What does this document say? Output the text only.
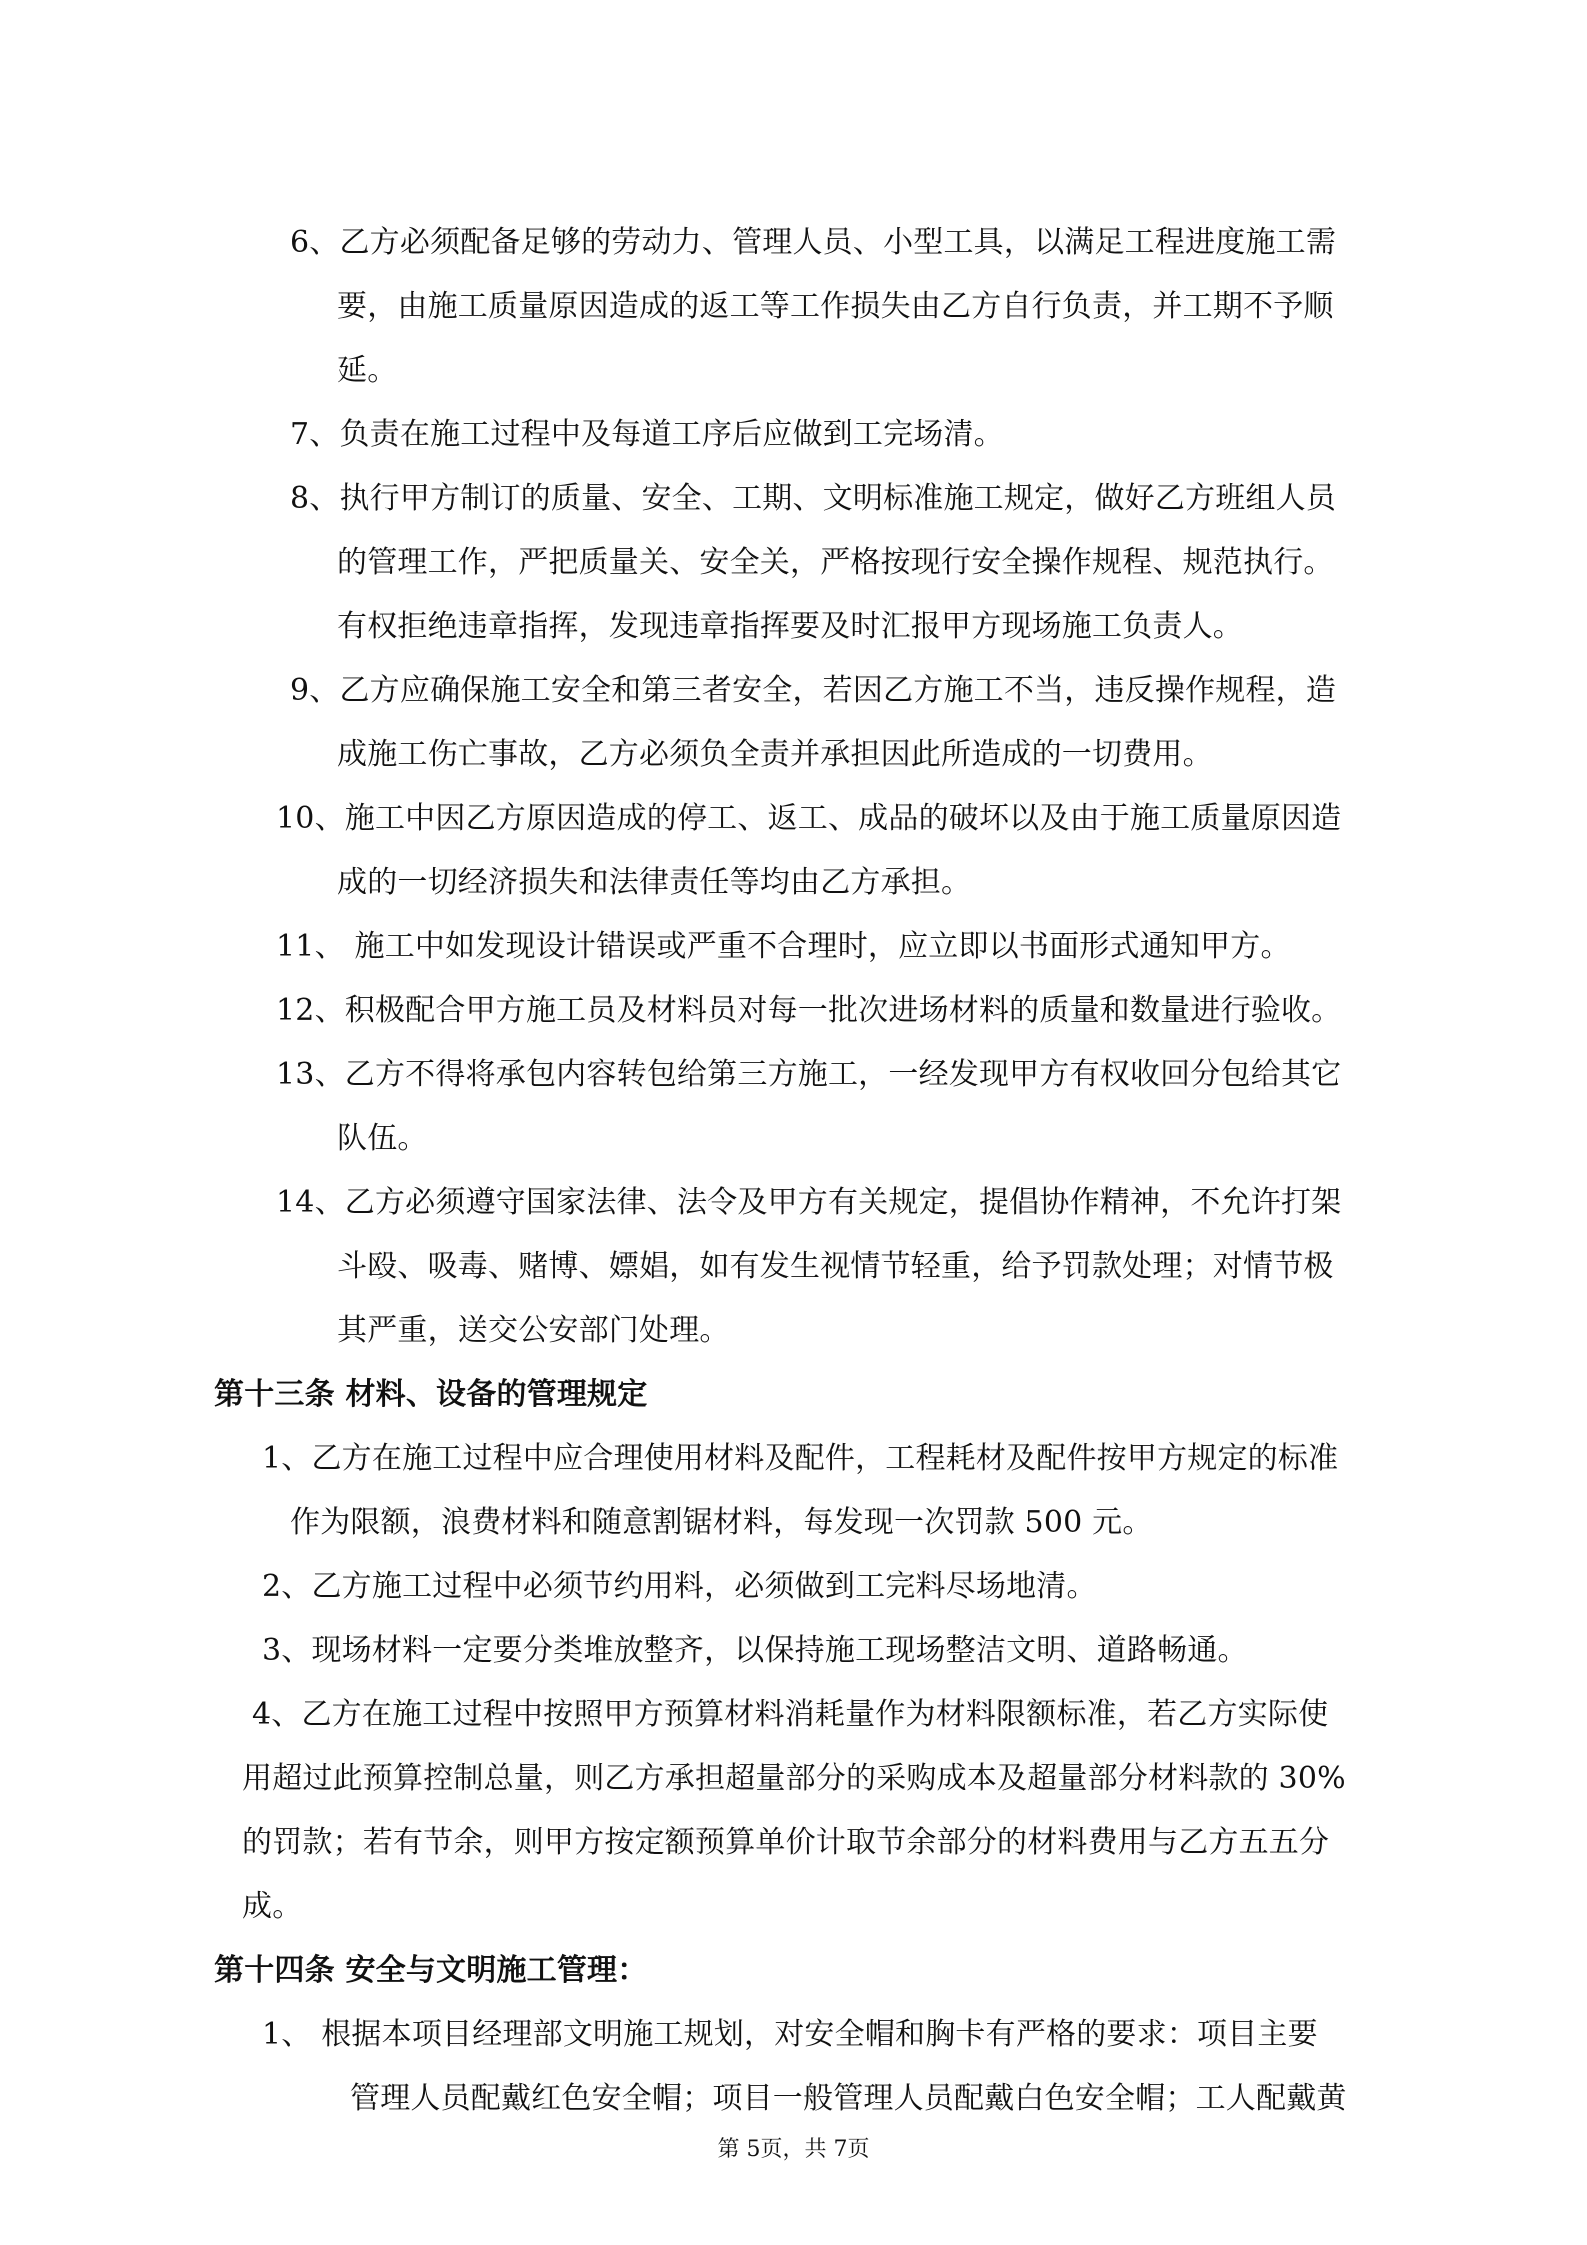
6、乙方必须配备足够的劳动力、管理人员、小型工具，以满足工程进度施工需
要，由施工质量原因造成的返工等工作损失由乙方自行负责，并工期不予顺
延。
7、负责在施工过程中及每道工序后应做到工完场清。
8、执行甲方制订的质量、安全、工期、文明标准施工规定，做好乙方班组人员
的管理工作，严把质量关、安全关，严格按现行安全操作规程、规范执行。
有权拒绝违章指挥，发现违章指挥要及时汇报甲方现场施工负责人。
9、乙方应确保施工安全和第三者安全，若因乙方施工不当，违反操作规程，造
成施工伤亡事故，乙方必须负全责并承担因此所造成的一切费用。
10、施工中因乙方原因造成的停工、返工、成品的破坏以及由于施工质量原因造
成的一切经济损失和法律责任等均由乙方承担。
11、 施工中如发现设计错误或严重不合理时，应立即以书面形式通知甲方。
12、积极配合甲方施工员及材料员对每一批次进场材料的质量和数量进行验收。
13、乙方不得将承包内容转包给第三方施工，一经发现甲方有权收回分包给其它
队伍。
14、乙方必须遵守国家法律、法令及甲方有关规定，提倡协作精神，不允许打架
斗殴、吸毒、赌博、嫖娼，如有发生视情节轻重，给予罚款处理；对情节极
其严重，送交公安部门处理。
第十三条 材料、设备的管理规定
1、乙方在施工过程中应合理使用材料及配件，工程耗材及配件按甲方规定的标准
作为限额，浪费材料和随意割锯材料，每发现一次罚款 500 元。
2、乙方施工过程中必须节约用料，必须做到工完料尽场地清。
3、现场材料一定要分类堆放整齐，以保持施工现场整洁文明、道路畅通。
4、乙方在施工过程中按照甲方预算材料消耗量作为材料限额标准，若乙方实际使
用超过此预算控制总量，则乙方承担超量部分的采购成本及超量部分材料款的 30%
的罚款；若有节余，则甲方按定额预算单价计取节余部分的材料费用与乙方五五分
成。
第十四条 安全与文明施工管理：
1、 根据本项目经理部文明施工规划，对安全帽和胸卡有严格的要求：项目主要
管理人员配戴红色安全帽；项目一般管理人员配戴白色安全帽；工人配戴黄
第 5页，共 7页
